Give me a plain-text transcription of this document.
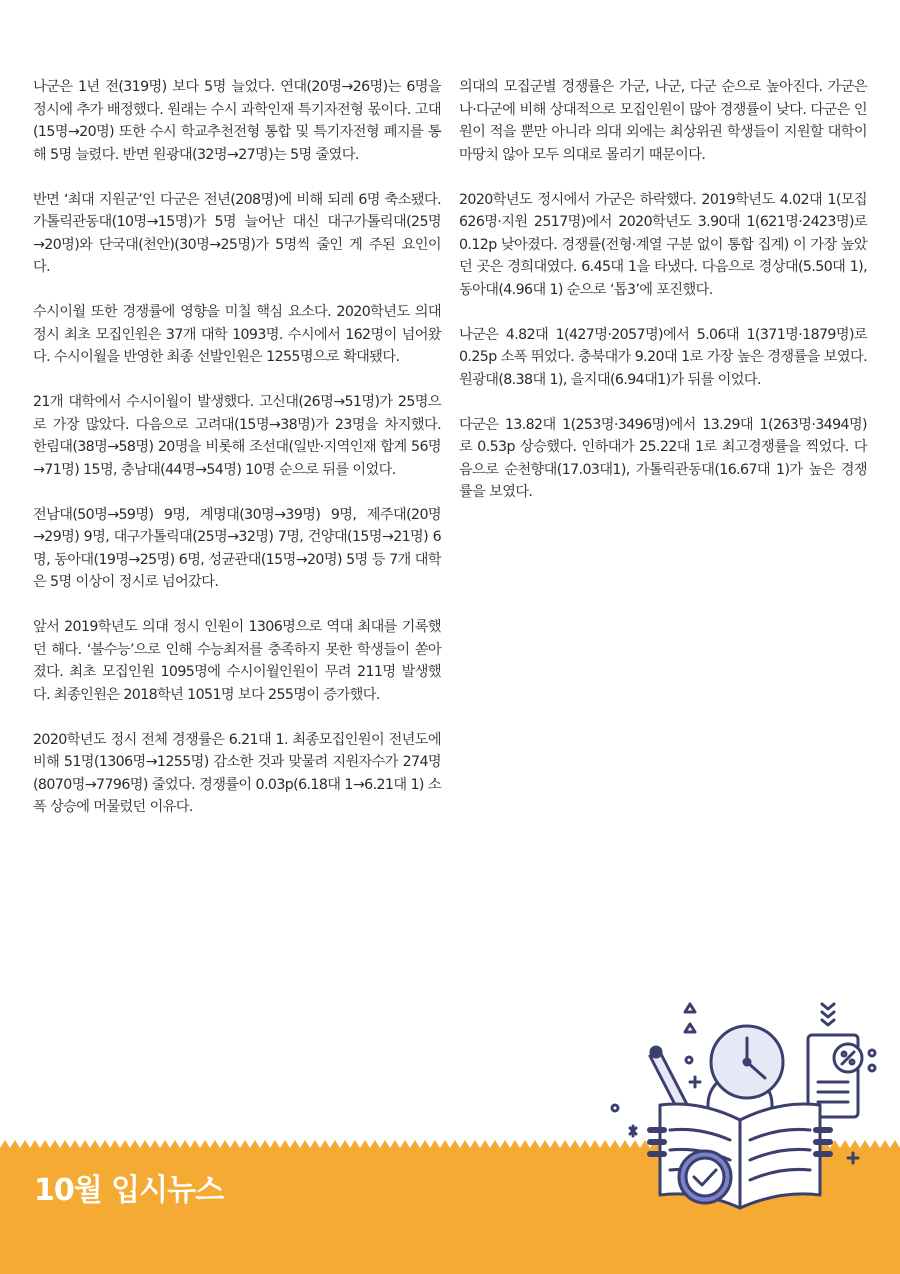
나군은 1년 전(319명) 보다 5명 늘었다. 연대(20명→26명)는 6명을 정시에 추가 배정했다. 원래는 수시 과학인재 특기자전형 몫이다. 고대(15명→20명) 또한 수시 학교추천전형 통합 및 특기자전형 폐지를 통해 5명 늘렸다. 반면 원광대(32명→27명)는 5명 줄였다.

반면 ‘최대 지원군’인 다군은 전년(208명)에 비해 되레 6명 축소됐다. 가톨릭관동대(10명→15명)가 5명 늘어난 대신 대구가톨릭대(25명→20명)와 단국대(천안)(30명→25명)가 5명씩 줄인 게 주된 요인이다.

수시이월 또한 경쟁률에 영향을 미칠 핵심 요소다. 2020학년도 의대 정시 최초 모집인원은 37개 대학 1093명. 수시에서 162명이 넘어왔다. 수시이월을 반영한 최종 선발인원은 1255명으로 확대됐다.

21개 대학에서 수시이월이 발생했다. 고신대(26명→51명)가 25명으로 가장 많았다. 다음으로 고려대(15명→38명)가 23명을 차지했다. 한림대(38명→58명) 20명을 비롯해 조선대(일반·지역인재 합계 56명→71명) 15명, 충남대(44명→54명) 10명 순으로 뒤를 이었다.

전남대(50명→59명) 9명, 계명대(30명→39명) 9명, 제주대(20명→29명) 9명, 대구가톨릭대(25명→32명) 7명, 건양대(15명→21명) 6명, 동아대(19명→25명) 6명, 성균관대(15명→20명) 5명 등 7개 대학은 5명 이상이 정시로 넘어갔다.

앞서 2019학년도 의대 정시 인원이 1306명으로 역대 최대를 기록했던 해다. ‘불수능’으로 인해 수능최저를 충족하지 못한 학생들이 쏟아졌다. 최초 모집인원 1095명에 수시이월인원이 무려 211명 발생했다. 최종인원은 2018학년 1051명 보다 255명이 증가했다.

2020학년도 정시 전체 경쟁률은 6.21대 1. 최종모집인원이 전년도에 비해 51명(1306명→1255명) 감소한 것과 맞물려 지원자수가 274명(8070명→7796명) 줄었다. 경쟁률이 0.03p(6.18대 1→6.21대 1) 소폭 상승에 머물렀던 이유다.

의대의 모집군별 경쟁률은 가군, 나군, 다군 순으로 높아진다. 가군은 나·다군에 비해 상대적으로 모집인원이 많아 경쟁률이 낮다. 다군은 인원이 적을 뿐만 아니라 의대 외에는 최상위권 학생들이 지원할 대학이 마땅치 않아 모두 의대로 몰리기 때문이다.

2020학년도 정시에서 가군은 하락했다. 2019학년도 4.02대 1(모집 626명·지원 2517명)에서 2020학년도 3.90대 1(621명·2423명)로 0.12p 낮아졌다. 경쟁률(전형·계열 구분 없이 통합 집계) 이 가장 높았던 곳은 경희대였다. 6.45대 1을 타냈다. 다음으로 경상대(5.50대 1), 동아대(4.96대 1) 순으로 ‘톱3’에 포진했다.

나군은 4.82대 1(427명·2057명)에서 5.06대 1(371명·1879명)로 0.25p 소폭 뛰었다. 충북대가 9.20대 1로 가장 높은 경쟁률을 보였다. 원광대(8.38대 1), 을지대(6.94대1)가 뒤를 이었다.

다군은 13.82대 1(253명·3496명)에서 13.29대 1(263명·3494명)로 0.53p 상승했다. 인하대가 25.22대 1로 최고경쟁률을 찍었다. 다음으로 순천향대(17.03대1), 가톨릭관동대(16.67대 1)가 높은 경쟁률을 보였다.

10월 입시뉴스
